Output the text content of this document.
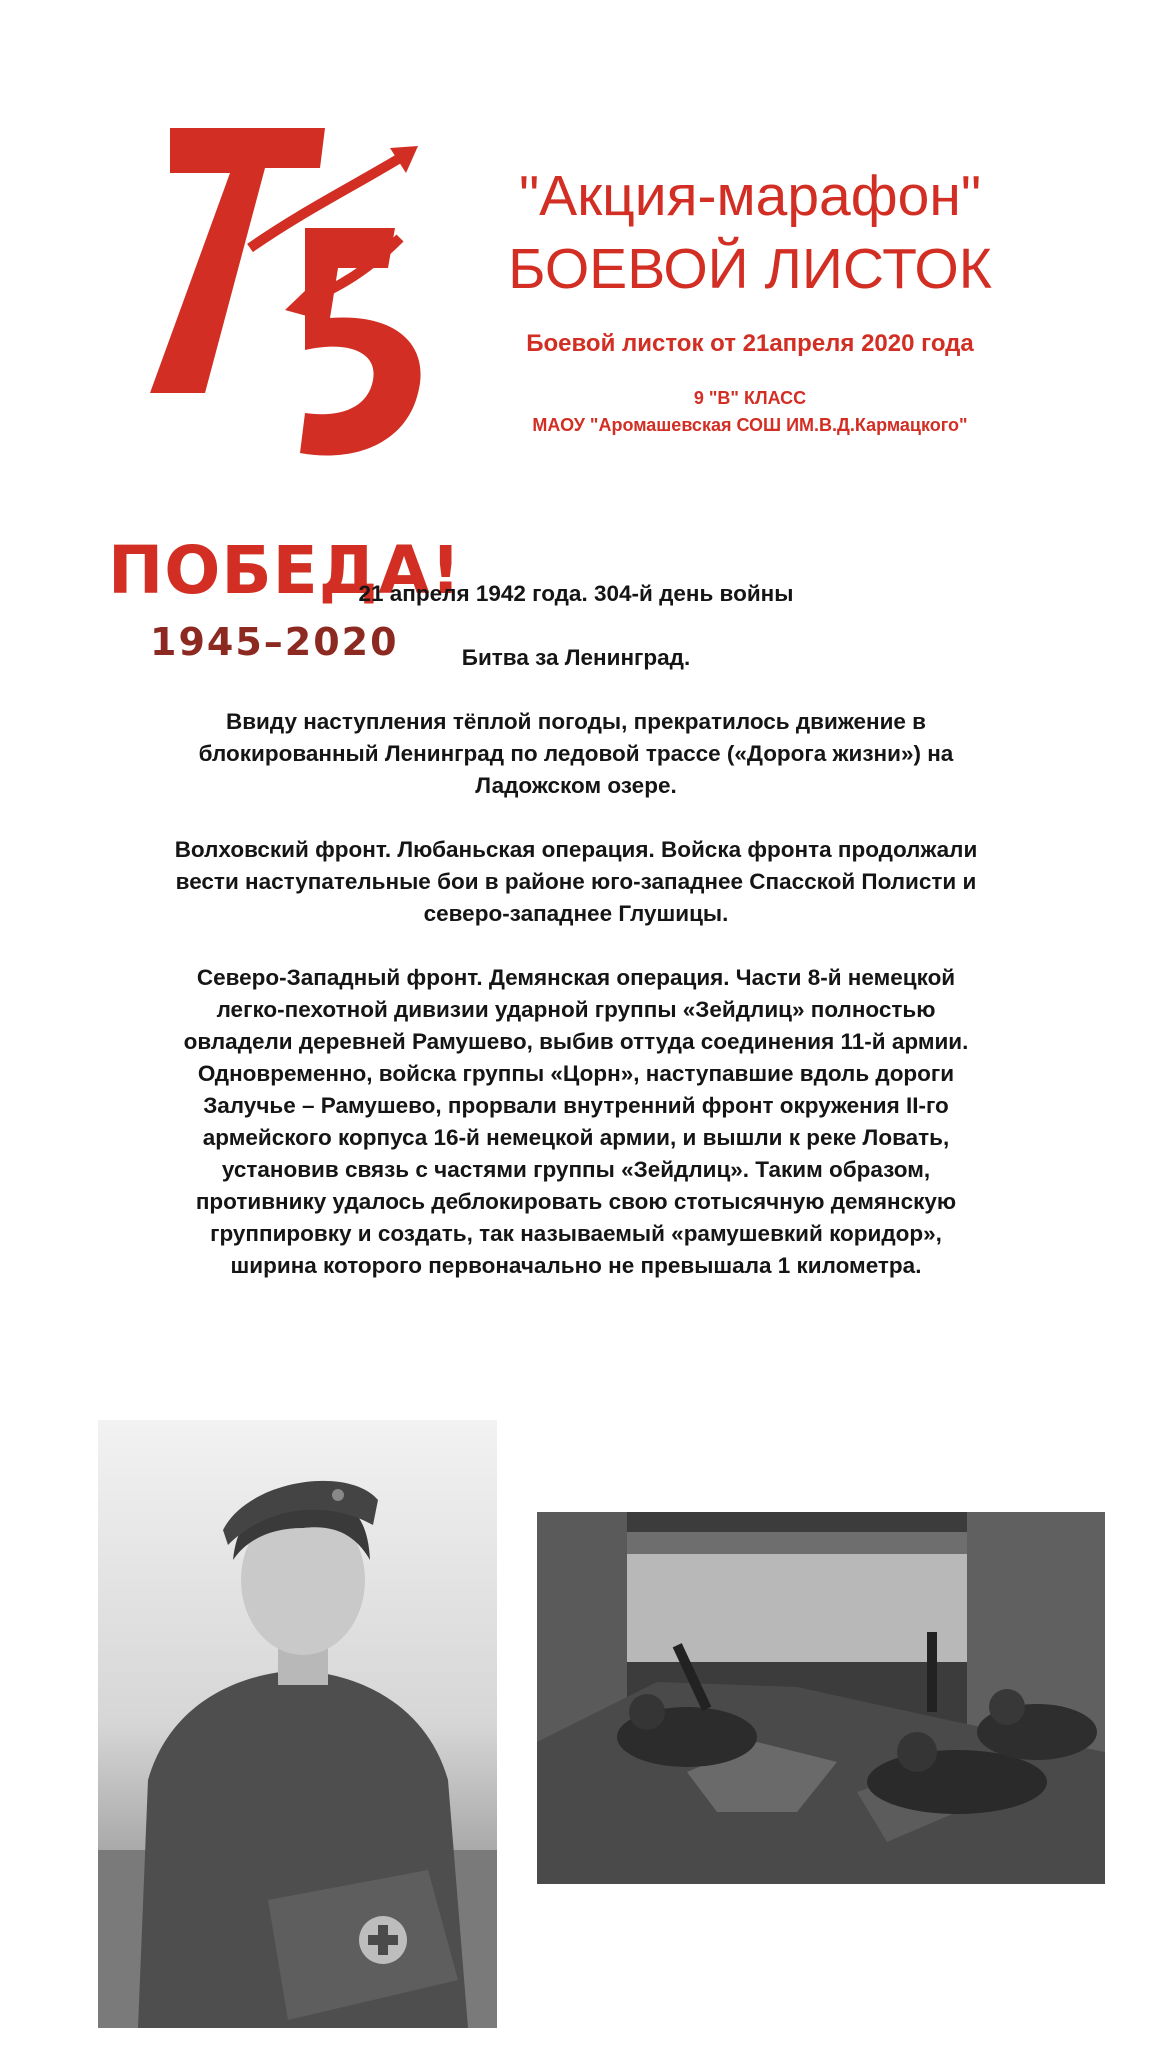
ПОБЕДА!
1945–2020
"Акция-марафон"
БОЕВОЙ ЛИСТОК
Боевой листок от 21апреля 2020 года
9 "В" КЛАСС
МАОУ "Аромашевская СОШ ИМ.В.Д.Кармацкого"

21 апреля 1942 года. 304-й день войны

Битва за Ленинград.

Ввиду наступления тёплой погоды, прекратилось движение в блокированный Ленинград по ледовой трассе («Дорога жизни») на Ладожском озере.

Волховский фронт. Любаньская операция. Войска фронта продолжали вести наступательные бои в районе юго-западнее Спасской Полисти и северо-западнее Глушицы.

Северо-Западный фронт. Демянская операция. Части 8-й немецкой легко-пехотной дивизии ударной группы «Зейдлиц» полностью овладели деревней Рамушево, выбив оттуда соединения 11-й армии. Одновременно, войска группы «Цорн», наступавшие вдоль дороги Залучье – Рамушево, прорвали внутренний фронт окружения II-го армейского корпуса 16-й немецкой армии, и вышли к реке Ловать, установив связь с частями группы «Зейдлиц». Таким образом, противнику удалось деблокировать свою стотысячную демянскую группировку и создать, так называемый «рамушевкий коридор», ширина которого первоначально не превышала 1 километра.
